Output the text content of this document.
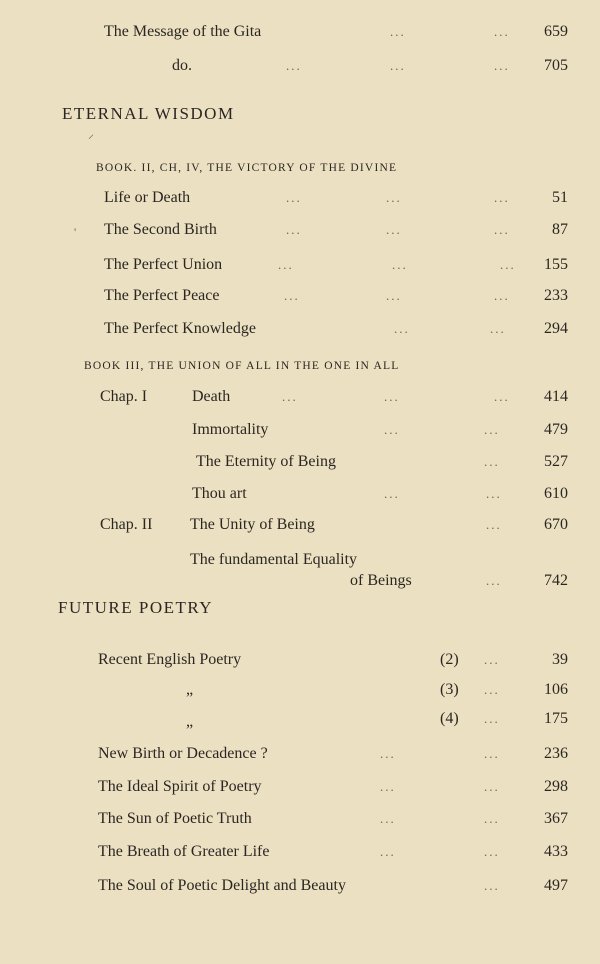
The Message of the Gita	...	... 659
do.	...	...	... 705
ETERNAL WISDOM
⸝
BOOK. II, CH, IV, THE VICTORY OF THE DIVINE
Life or Death	...	...	...	51
' The Second Birth	...	...	...	87
The Perfect Union	...	...	... 155
The Perfect Peace	...	...	... 233
The Perfect Knowledge	...	... 294
BOOK III, THE UNION OF ALL IN THE ONE IN ALL
Chap. I	Death	...	...	... 414
Immortality	...	...	479
The Eternity of Being	...	527
Thou art	...	...	610
Chap. II The Unity of Being	...	670
The fundamental Equality
of Beings	...	742
FUTURE POETRY
Recent English Poetry	(2) ...	39
„	(3) ...	106
„	(4) ...	175
New Birth or Decadence ?	...	...	236
The Ideal Spirit of Poetry	...	...	298
The Sun of Poetic Truth	...	...	367
The Breath of Greater Life	...	...	433
The Soul of Poetic Delight and Beauty	...	497
